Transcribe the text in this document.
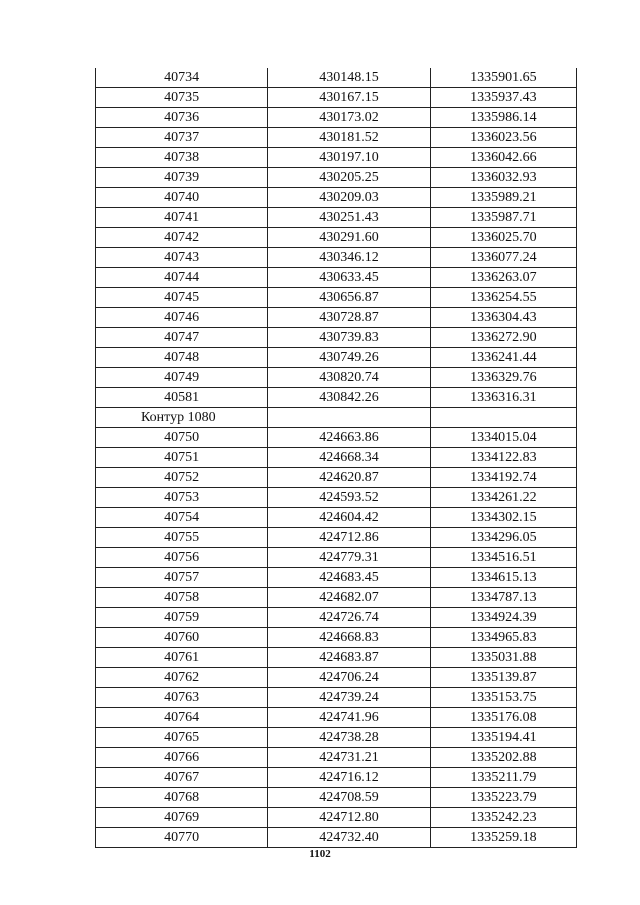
40734	430148.15	1335901.65
40735	430167.15	1335937.43
40736	430173.02	1335986.14
40737	430181.52	1336023.56
40738	430197.10	1336042.66
40739	430205.25	1336032.93
40740	430209.03	1335989.21
40741	430251.43	1335987.71
40742	430291.60	1336025.70
40743	430346.12	1336077.24
40744	430633.45	1336263.07
40745	430656.87	1336254.55
40746	430728.87	1336304.43
40747	430739.83	1336272.90
40748	430749.26	1336241.44
40749	430820.74	1336329.76
40581	430842.26	1336316.31
Контур 1080		
40750	424663.86	1334015.04
40751	424668.34	1334122.83
40752	424620.87	1334192.74
40753	424593.52	1334261.22
40754	424604.42	1334302.15
40755	424712.86	1334296.05
40756	424779.31	1334516.51
40757	424683.45	1334615.13
40758	424682.07	1334787.13
40759	424726.74	1334924.39
40760	424668.83	1334965.83
40761	424683.87	1335031.88
40762	424706.24	1335139.87
40763	424739.24	1335153.75
40764	424741.96	1335176.08
40765	424738.28	1335194.41
40766	424731.21	1335202.88
40767	424716.12	1335211.79
40768	424708.59	1335223.79
40769	424712.80	1335242.23
40770	424732.40	1335259.18
1102
